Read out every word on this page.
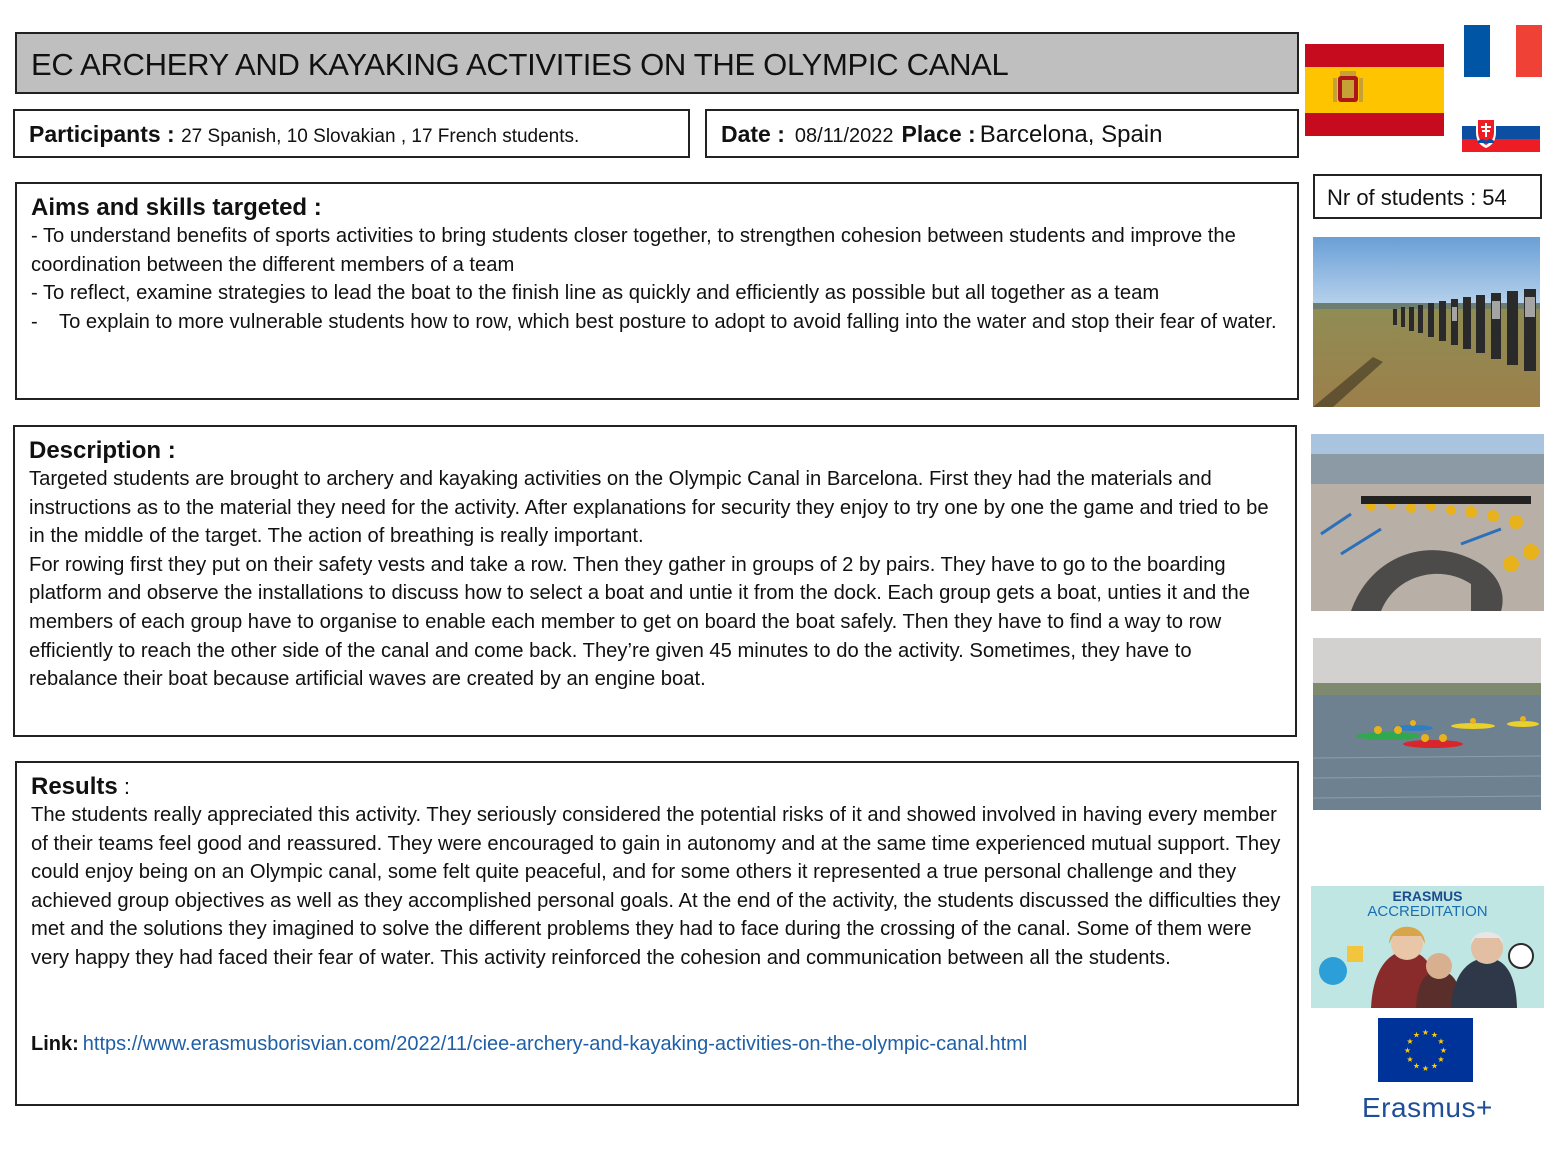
EC ARCHERY AND KAYAKING ACTIVITIES ON THE OLYMPIC CANAL
Participants : 27 Spanish, 10 Slovakian , 17 French students.	Date : 08/11/2022 Place : Barcelona, Spain
Nr of students : 54
Aims and skills targeted :
- To understand benefits of sports activities to bring students closer together, to strengthen cohesion between students and improve the coordination between the different members of a team
- To reflect, examine strategies to lead the boat to the finish line as quickly and efficiently as possible but all together as a team
-	To explain to more vulnerable students how to row, which best posture to adopt to avoid falling into the water and stop their fear of water.
Description :

Targeted students are brought to archery and kayaking activities on the Olympic Canal in Barcelona. First they had the materials and instructions as to the material they need for the activity. After explanations for security they enjoy to try one by one the game and tried to be in the middle of the target. The action of breathing is really important.

For rowing first they put on their safety vests and take a row. Then they gather in groups of 2 by pairs. They have to go to the boarding platform and observe the installations to discuss how to select a boat and untie it from the dock. Each group gets a boat, unties it and the members of each group have to organise to enable each member to get on board the boat safely. Then they have to find a way to row efficiently to reach the other side of the canal and come back. They’re given 45 minutes to do the activity. Sometimes, they have to rebalance their boat because artificial waves are created by an engine boat.

Results :

The students really appreciated this activity. They seriously considered the potential risks of it and showed involved in having every member of their teams feel good and reassured. They were encouraged to gain in autonomy and at the same time experienced mutual support. They could enjoy being on an Olympic canal, some felt quite peaceful, and for some others it represented a true personal challenge and they achieved group objectives as well as they accomplished personal goals. At the end of the activity, the students discussed the difficulties they met and the solutions they imagined to solve the different problems they had to face during the crossing of the canal. Some of them were very happy they had faced their fear of water. This activity reinforced the cohesion and communication between all the students.

Link: https://www.erasmusborisvian.com/2022/11/ciee-archery-and-kayaking-activities-on-the-olympic-canal.html
ERASMUS
ACCREDITATION
★ ★
★
★
★
★
★
★
★
★
★
★
Erasmus+
